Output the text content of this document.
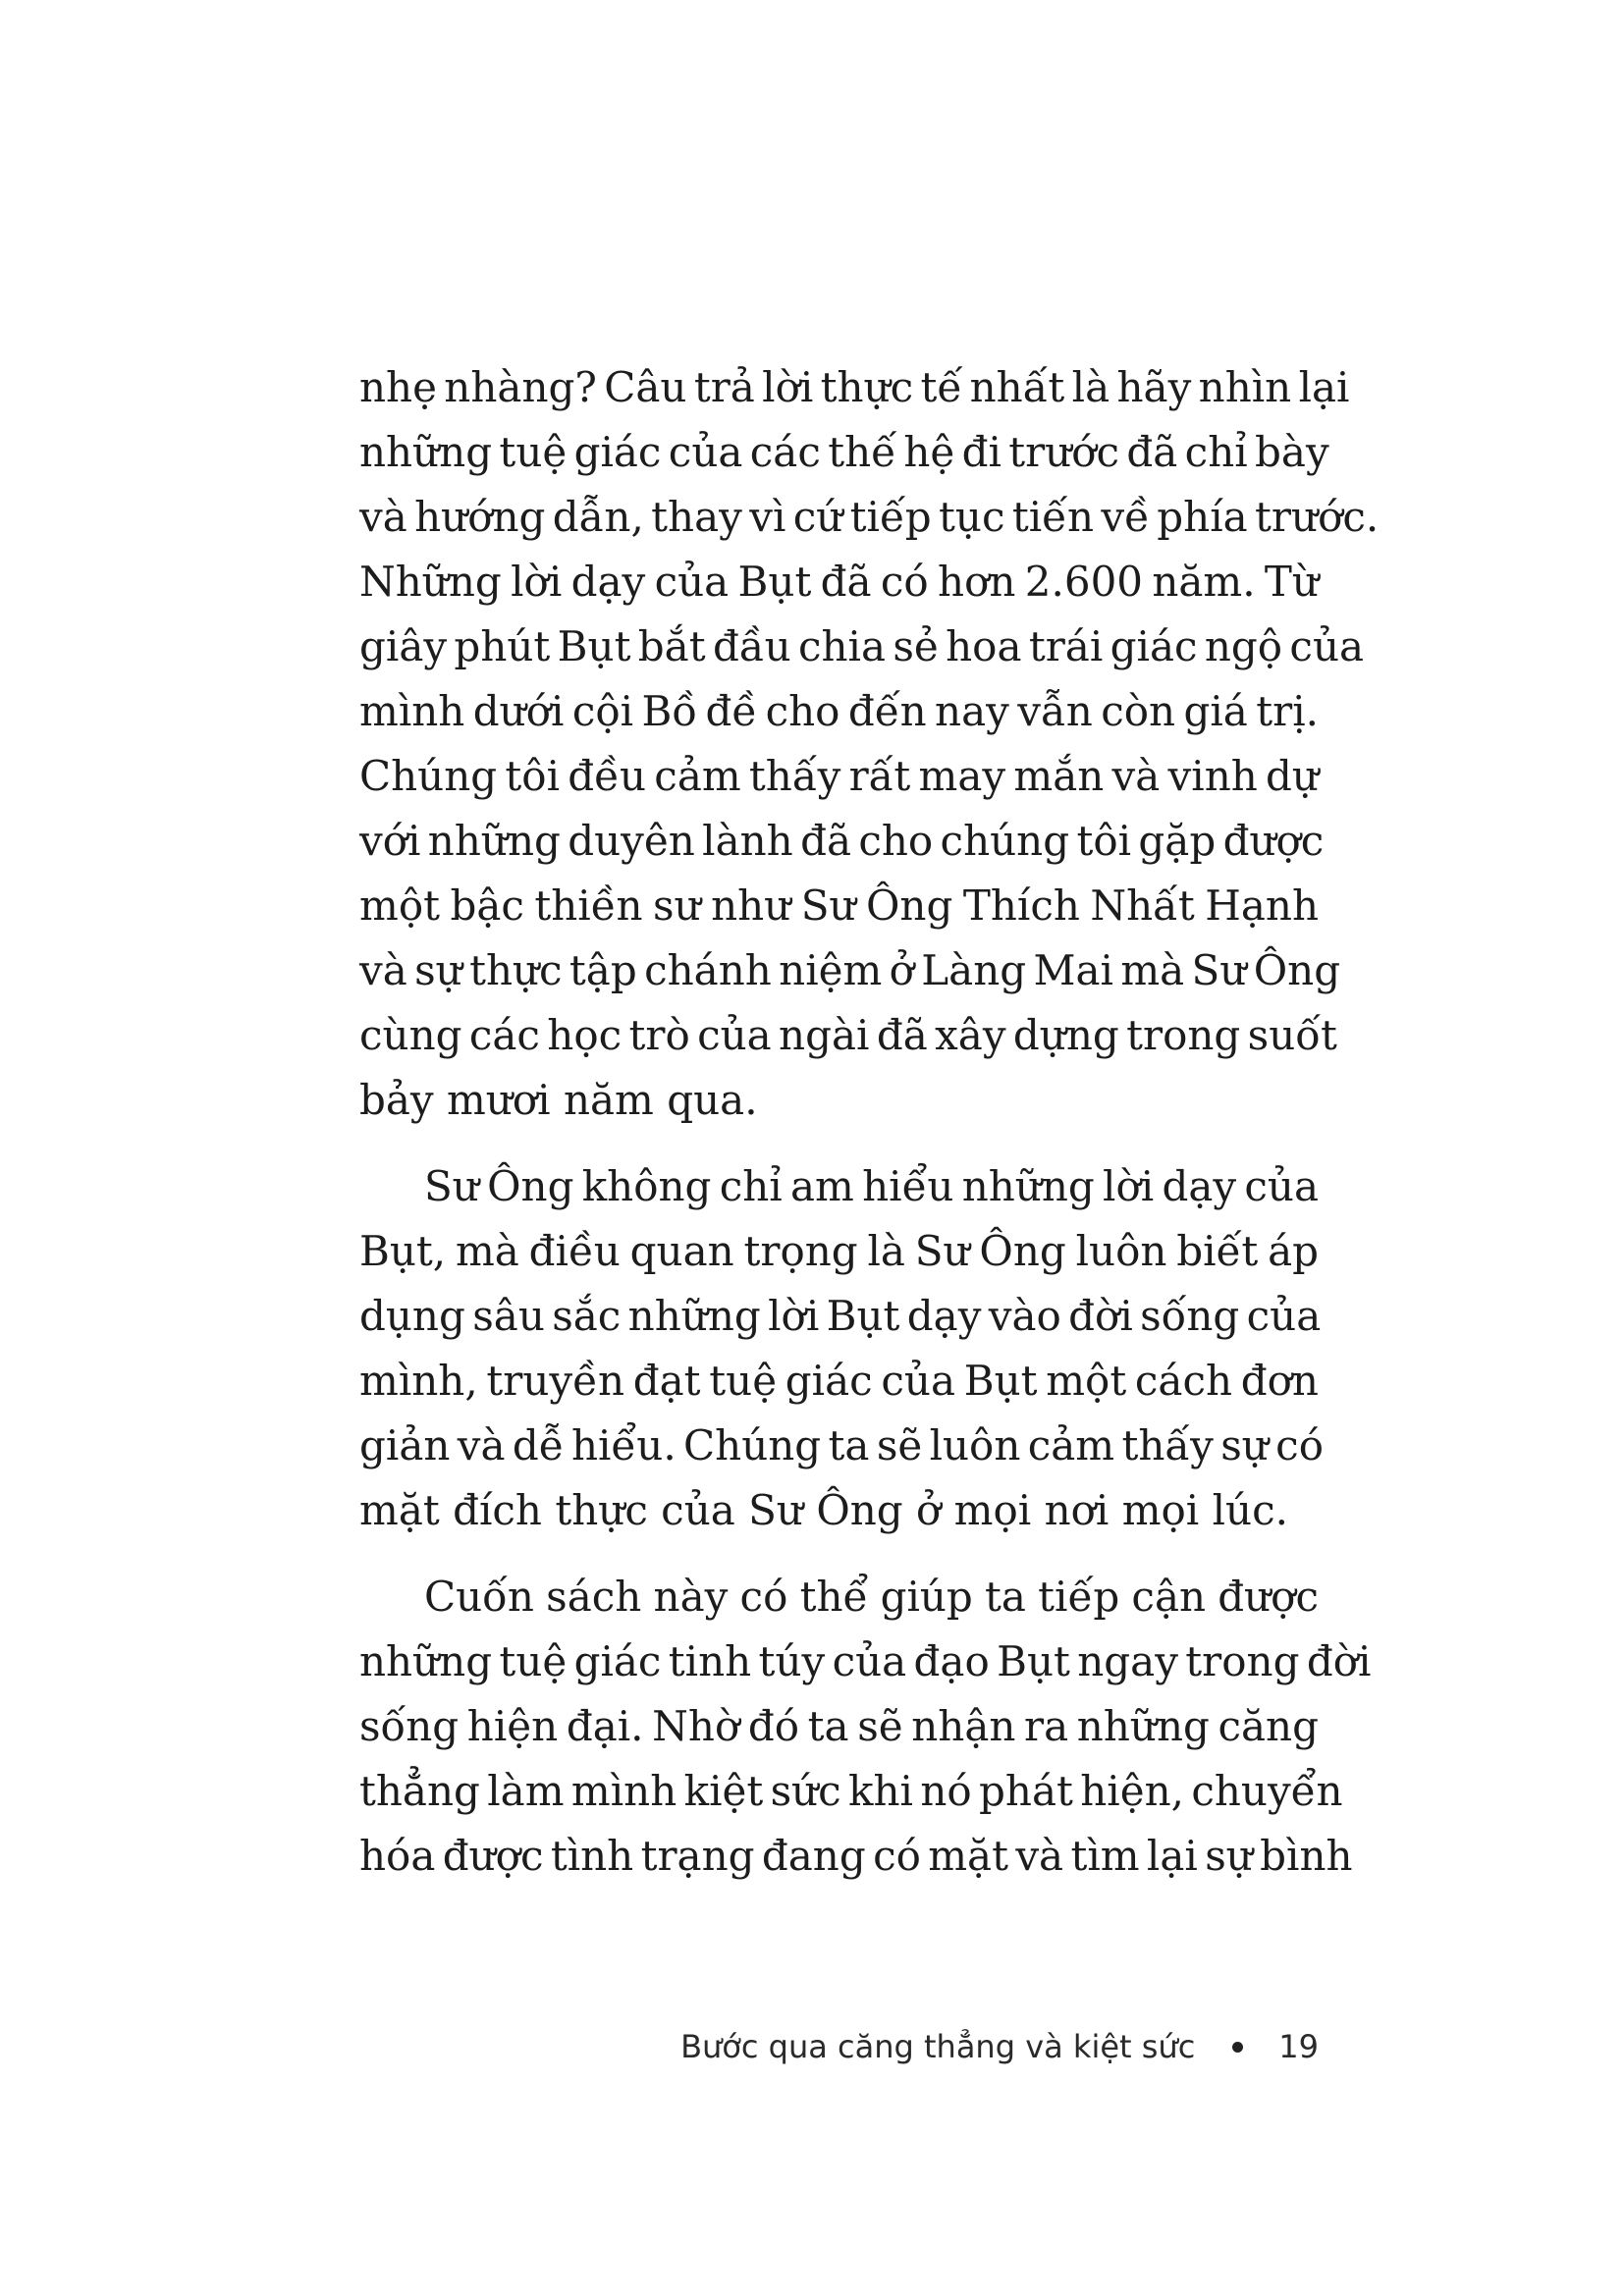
nhẹ nhàng? Câu trả lời thực tế nhất là hãy nhìn lại
những tuệ giác của các thế hệ đi trước đã chỉ bày
và hướng dẫn, thay vì cứ tiếp tục tiến về phía trước.
Những lời dạy của Bụt đã có hơn 2.600 năm. Từ
giây phút Bụt bắt đầu chia sẻ hoa trái giác ngộ của
mình dưới cội Bồ đề cho đến nay vẫn còn giá trị.
Chúng tôi đều cảm thấy rất may mắn và vinh dự
với những duyên lành đã cho chúng tôi gặp được
một bậc thiền sư như Sư Ông Thích Nhất Hạnh
và sự thực tập chánh niệm ở Làng Mai mà Sư Ông
cùng các học trò của ngài đã xây dựng trong suốt
bảy mươi năm qua.

Sư Ông không chỉ am hiểu những lời dạy của
Bụt, mà điều quan trọng là Sư Ông luôn biết áp
dụng sâu sắc những lời Bụt dạy vào đời sống của
mình, truyền đạt tuệ giác của Bụt một cách đơn
giản và dễ hiểu. Chúng ta sẽ luôn cảm thấy sự có
mặt đích thực của Sư Ông ở mọi nơi mọi lúc.

Cuốn sách này có thể giúp ta tiếp cận được
những tuệ giác tinh túy của đạo Bụt ngay trong đời
sống hiện đại. Nhờ đó ta sẽ nhận ra những căng
thẳng làm mình kiệt sức khi nó phát hiện, chuyển
hóa được tình trạng đang có mặt và tìm lại sự bình

Bước qua căng thẳng và kiệt sức	19
